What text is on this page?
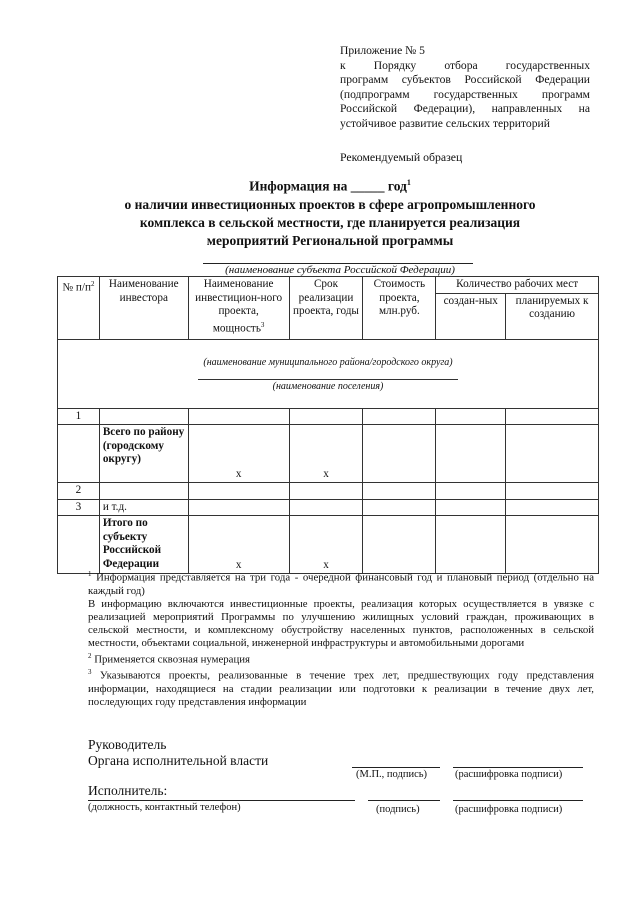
Приложение № 5
к Порядку отбора государственных
программ субъектов Российской Федерации
(подпрограмм государственных программ
Российской Федерации), направленных на
устойчивое развитие сельских территорий
Рекомендуемый образец
Информация на _____ год$^1$
о наличии инвестиционных проектов в сфере агропромышленного
комплекса в сельской местности, где планируется реализация
мероприятий Региональной программы
(наименование субъекта Российской Федерации)
№ $п/п^2$	Наименование инвестора	Наименование инвестицион-ного проекта, мощность$^3$	Срок реализации проекта, годы	Стоимость проекта, млн.руб.	Количество рабочих мест	
					создан-ных	планируемых к созданию

(наименование муниципального района/городского округа)
(наименование поселения)						

1						
	Всего по району (городскому округу)	x	x			
2						
3	и т.д.					
	Итого по субъекту Российской Федерации	x	x			

$^1$ Информация представляется на три года - очередной финансовый год и плановый период (отдельно на каждый год)

В информацию включаются инвестиционные проекты, реализация которых осуществляется в увязке с реализацией мероприятий Программы по улучшению жилищных условий граждан, проживающих в сельской местности, и комплексному обустройству населенных пунктов, расположенных в сельской местности, объектами социальной, инженерной инфраструктуры и автомобильными дорогами

$^2$ Применяется сквозная нумерация

$^3$ Указываются проекты, реализованные в течение трех лет, предшествующих году представления информации, находящиеся на стадии реализации или подготовки к реализации в течение двух лет, последующих году представления информации

Руководитель
Органа исполнительной власти
(М.П., подпись)	(расшифровка подписи)
Исполнитель:
(должность, контактный телефон)	(подпись)	(расшифровка подписи)
